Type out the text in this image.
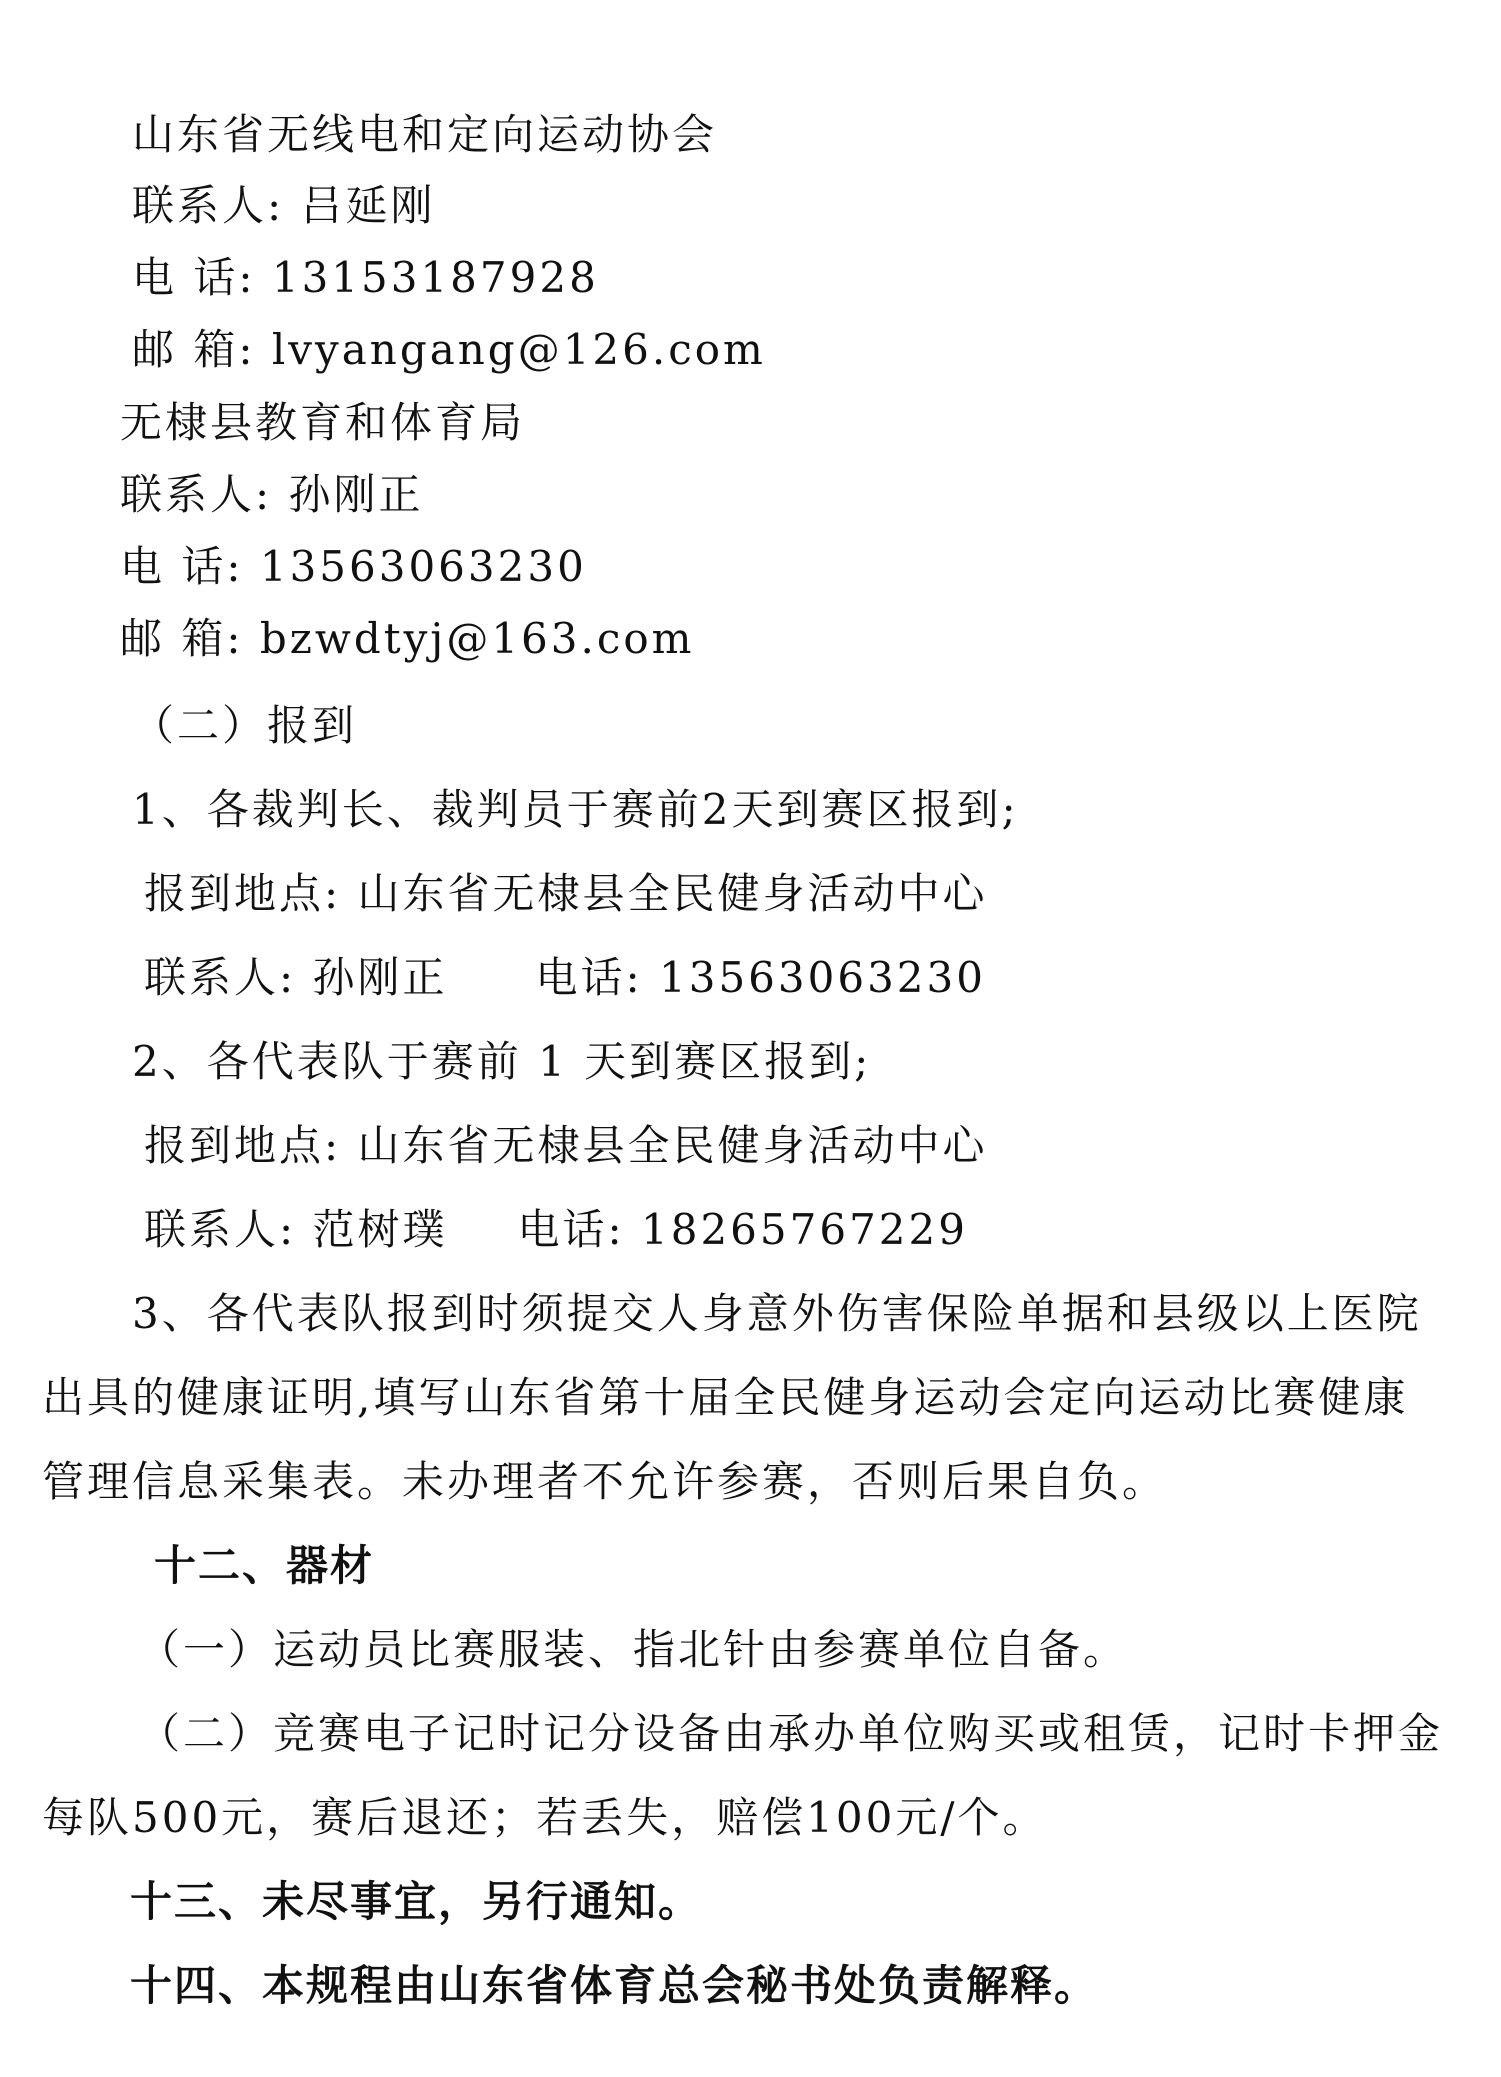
山东省无线电和定向运动协会
联系人: 吕延刚
电 话: 13153187928
邮 箱: lvyangang@126.com
无棣县教育和体育局
联系人: 孙刚正
电 话: 13563063230
邮 箱: bzwdtyj@163.com
（二）报到
1、各裁判长、裁判员于赛前2天到赛区报到;
报到地点: 山东省无棣县全民健身活动中心
联系人: 孙刚正 电话: 13563063230
2、各代表队于赛前 1 天到赛区报到;
报到地点: 山东省无棣县全民健身活动中心
联系人: 范树璞 电话: 18265767229
3、各代表队报到时须提交人身意外伤害保险单据和县级以上医院
出具的健康证明,填写山东省第十届全民健身运动会定向运动比赛健康
管理信息采集表。未办理者不允许参赛，否则后果自负。
十二、器材
（一）运动员比赛服装、指北针由参赛单位自备。
（二）竞赛电子记时记分设备由承办单位购买或租赁，记时卡押金
每队500元，赛后退还；若丢失，赔偿100元/个。
十三、未尽事宜，另行通知。
十四、本规程由山东省体育总会秘书处负责解释。
